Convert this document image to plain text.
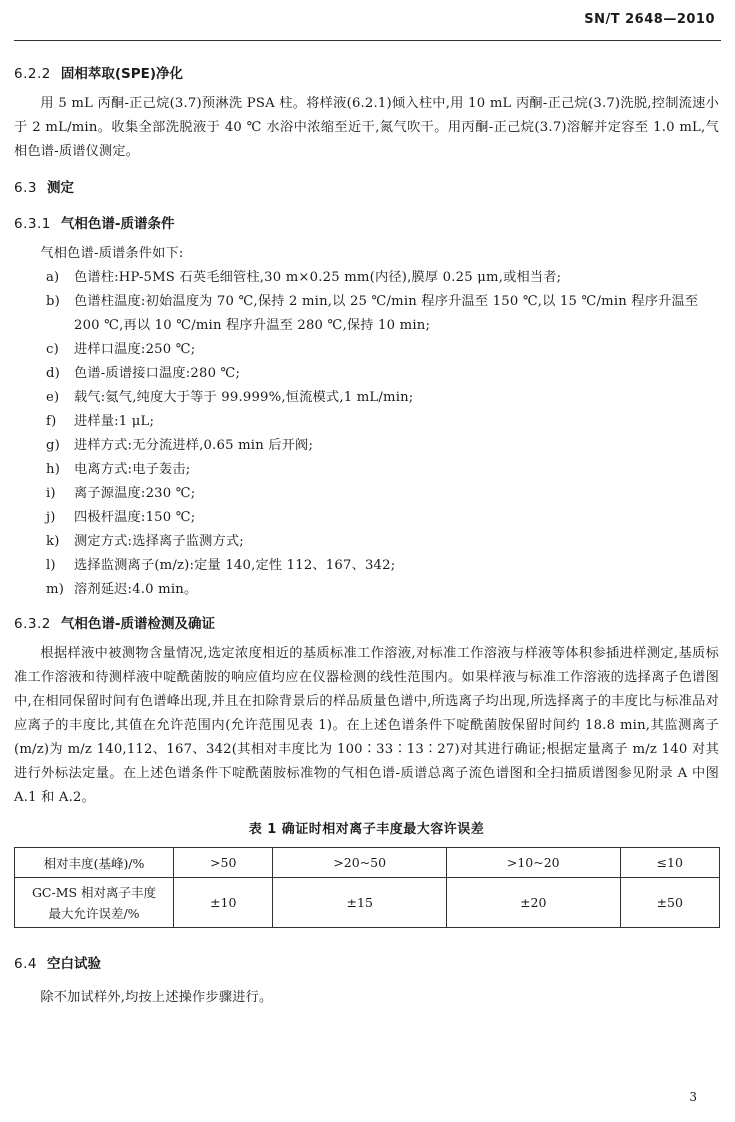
SN/T 2648—2010
6.2.2 固相萃取(SPE)净化

用 5 mL 丙酮-正己烷(3.7)预淋洗 PSA 柱。将样液(6.2.1)倾入柱中,用 10 mL 丙酮-正己烷(3.7)洗脱,控制流速小于 2 mL/min。收集全部洗脱液于 40 ℃ 水浴中浓缩至近干,氮气吹干。用丙酮-正己烷(3.7)溶解并定容至 1.0 mL,气相色谱-质谱仪测定。

6.3 测定
6.3.1 气相色谱-质谱条件

气相色谱-质谱条件如下:

a)	色谱柱:HP-5MS 石英毛细管柱,30 m×0.25 mm(内径),膜厚 0.25 μm,或相当者;
b)	色谱柱温度:初始温度为 70 ℃,保持 2 min,以 25 ℃/min 程序升温至 150 ℃,以 15 ℃/min 程序升温至 200 ℃,再以 10 ℃/min 程序升温至 280 ℃,保持 10 min;
c)	进样口温度:250 ℃;
d)	色谱-质谱接口温度:280 ℃;
e)	载气:氦气,纯度大于等于 99.999%,恒流模式,1 mL/min;
f)	进样量:1 μL;
g)	进样方式:无分流进样,0.65 min 后开阀;
h)	电离方式:电子轰击;
i)	离子源温度:230 ℃;
j)	四极杆温度:150 ℃;
k)	测定方式:选择离子监测方式;
l)	选择监测离子(m/z):定量 140,定性 112、167、342;
m) 溶剂延迟:4.0 min。
6.3.2 气相色谱-质谱检测及确证

根据样液中被测物含量情况,选定浓度相近的基质标准工作溶液,对标准工作溶液与样液等体积参插进样测定,基质标准工作溶液和待测样液中啶酰菌胺的响应值均应在仪器检测的线性范围内。如果样液与标准工作溶液的选择离子色谱图中,在相同保留时间有色谱峰出现,并且在扣除背景后的样品质量色谱中,所选离子均出现,所选择离子的丰度比与标准品对应离子的丰度比,其值在允许范围内(允许范围见表 1)。在上述色谱条件下啶酰菌胺保留时间约 18.8 min,其监测离子(m/z)为 m/z 140,112、167、342(其相对丰度比为 100∶33∶13∶27)对其进行确证;根据定量离子 m/z 140 对其进行外标法定量。在上述色谱条件下啶酰菌胺标准物的气相色谱-质谱总离子流色谱图和全扫描质谱图参见附录 A 中图 A.1 和 A.2。

表 1 确证时相对离子丰度最大容许误差
相对丰度(基峰)/%	>50	>20~50	>10~20	≤10

GC-MS 相对离子丰度
最大允许误差/%	±10	±15	±20	±50
6.4 空白试验

除不加试样外,均按上述操作步骤进行。

3
